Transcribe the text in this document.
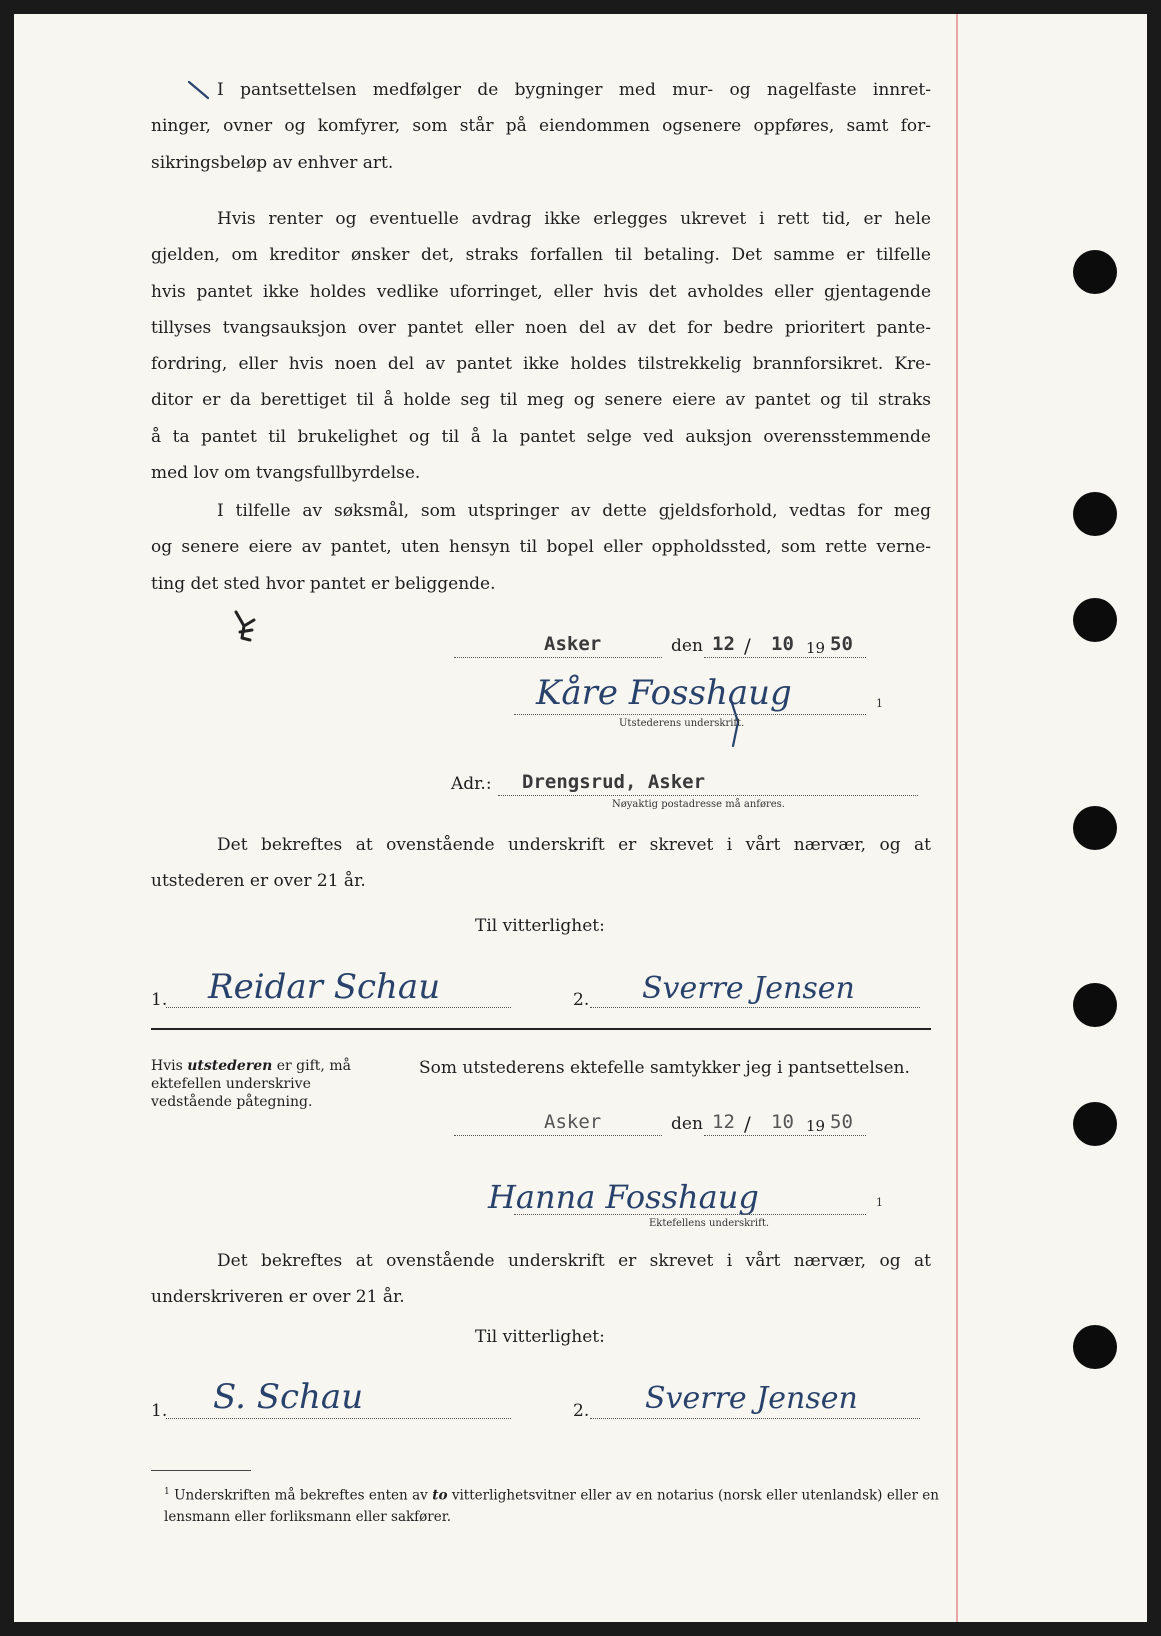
I pantsettelsen medfølger de bygninger med mur- og nagelfaste innret-
ninger, ovner og komfyrer, som står på eiendommen ogsenere oppføres, samt for-
sikringsbeløp av enhver art.
Hvis renter og eventuelle avdrag ikke erlegges ukrevet i rett tid, er hele
gjelden, om kreditor ønsker det, straks forfallen til betaling. Det samme er tilfelle
hvis pantet ikke holdes vedlike uforringet, eller hvis det avholdes eller gjentagende
tillyses tvangsauksjon over pantet eller noen del av det for bedre prioritert pante-
fordring, eller hvis noen del av pantet ikke holdes tilstrekkelig brannforsikret. Kre-
ditor er da berettiget til å holde seg til meg og senere eiere av pantet og til straks
å ta pantet til brukelighet og til å la pantet selge ved auksjon overensstemmende
med lov om tvangsfullbyrdelse.
I tilfelle av søksmål, som utspringer av dette gjeldsforhold, vedtas for meg
og senere eiere av pantet, uten hensyn til bopel eller oppholdssted, som rette verne-
ting det sted hvor pantet er beliggende.
Asker	den 12 / 10 19 50
Kåre Fosshaug
Utstederens underskrift.
1
Adr.: Drengsrud, Asker
Nøyaktig postadresse må anføres.
Det bekreftes at ovenstående underskrift er skrevet i vårt nærvær, og at
utstederen er over 21 år.
Til vitterlighet:
1. Reidar Schau	2. Sverre Jensen
Hvis utstederen er gift, må ektefellen underskrive vedstående påtegning.
Som utstederens ektefelle samtykker jeg i pantsettelsen.
Asker	den 12 / 10 19 50
Hanna Fosshaug
Ektefellens underskrift.
1
Det bekreftes at ovenstående underskrift er skrevet i vårt nærvær, og at
underskriveren er over 21 år.
Til vitterlighet:
1. S. Schau	2. Sverre Jensen
$^1$ Underskriften må bekreftes enten av to vitterlighetsvitner eller av en notarius (norsk eller utenlandsk) eller en lensmann eller forliksmann eller sakfører.
